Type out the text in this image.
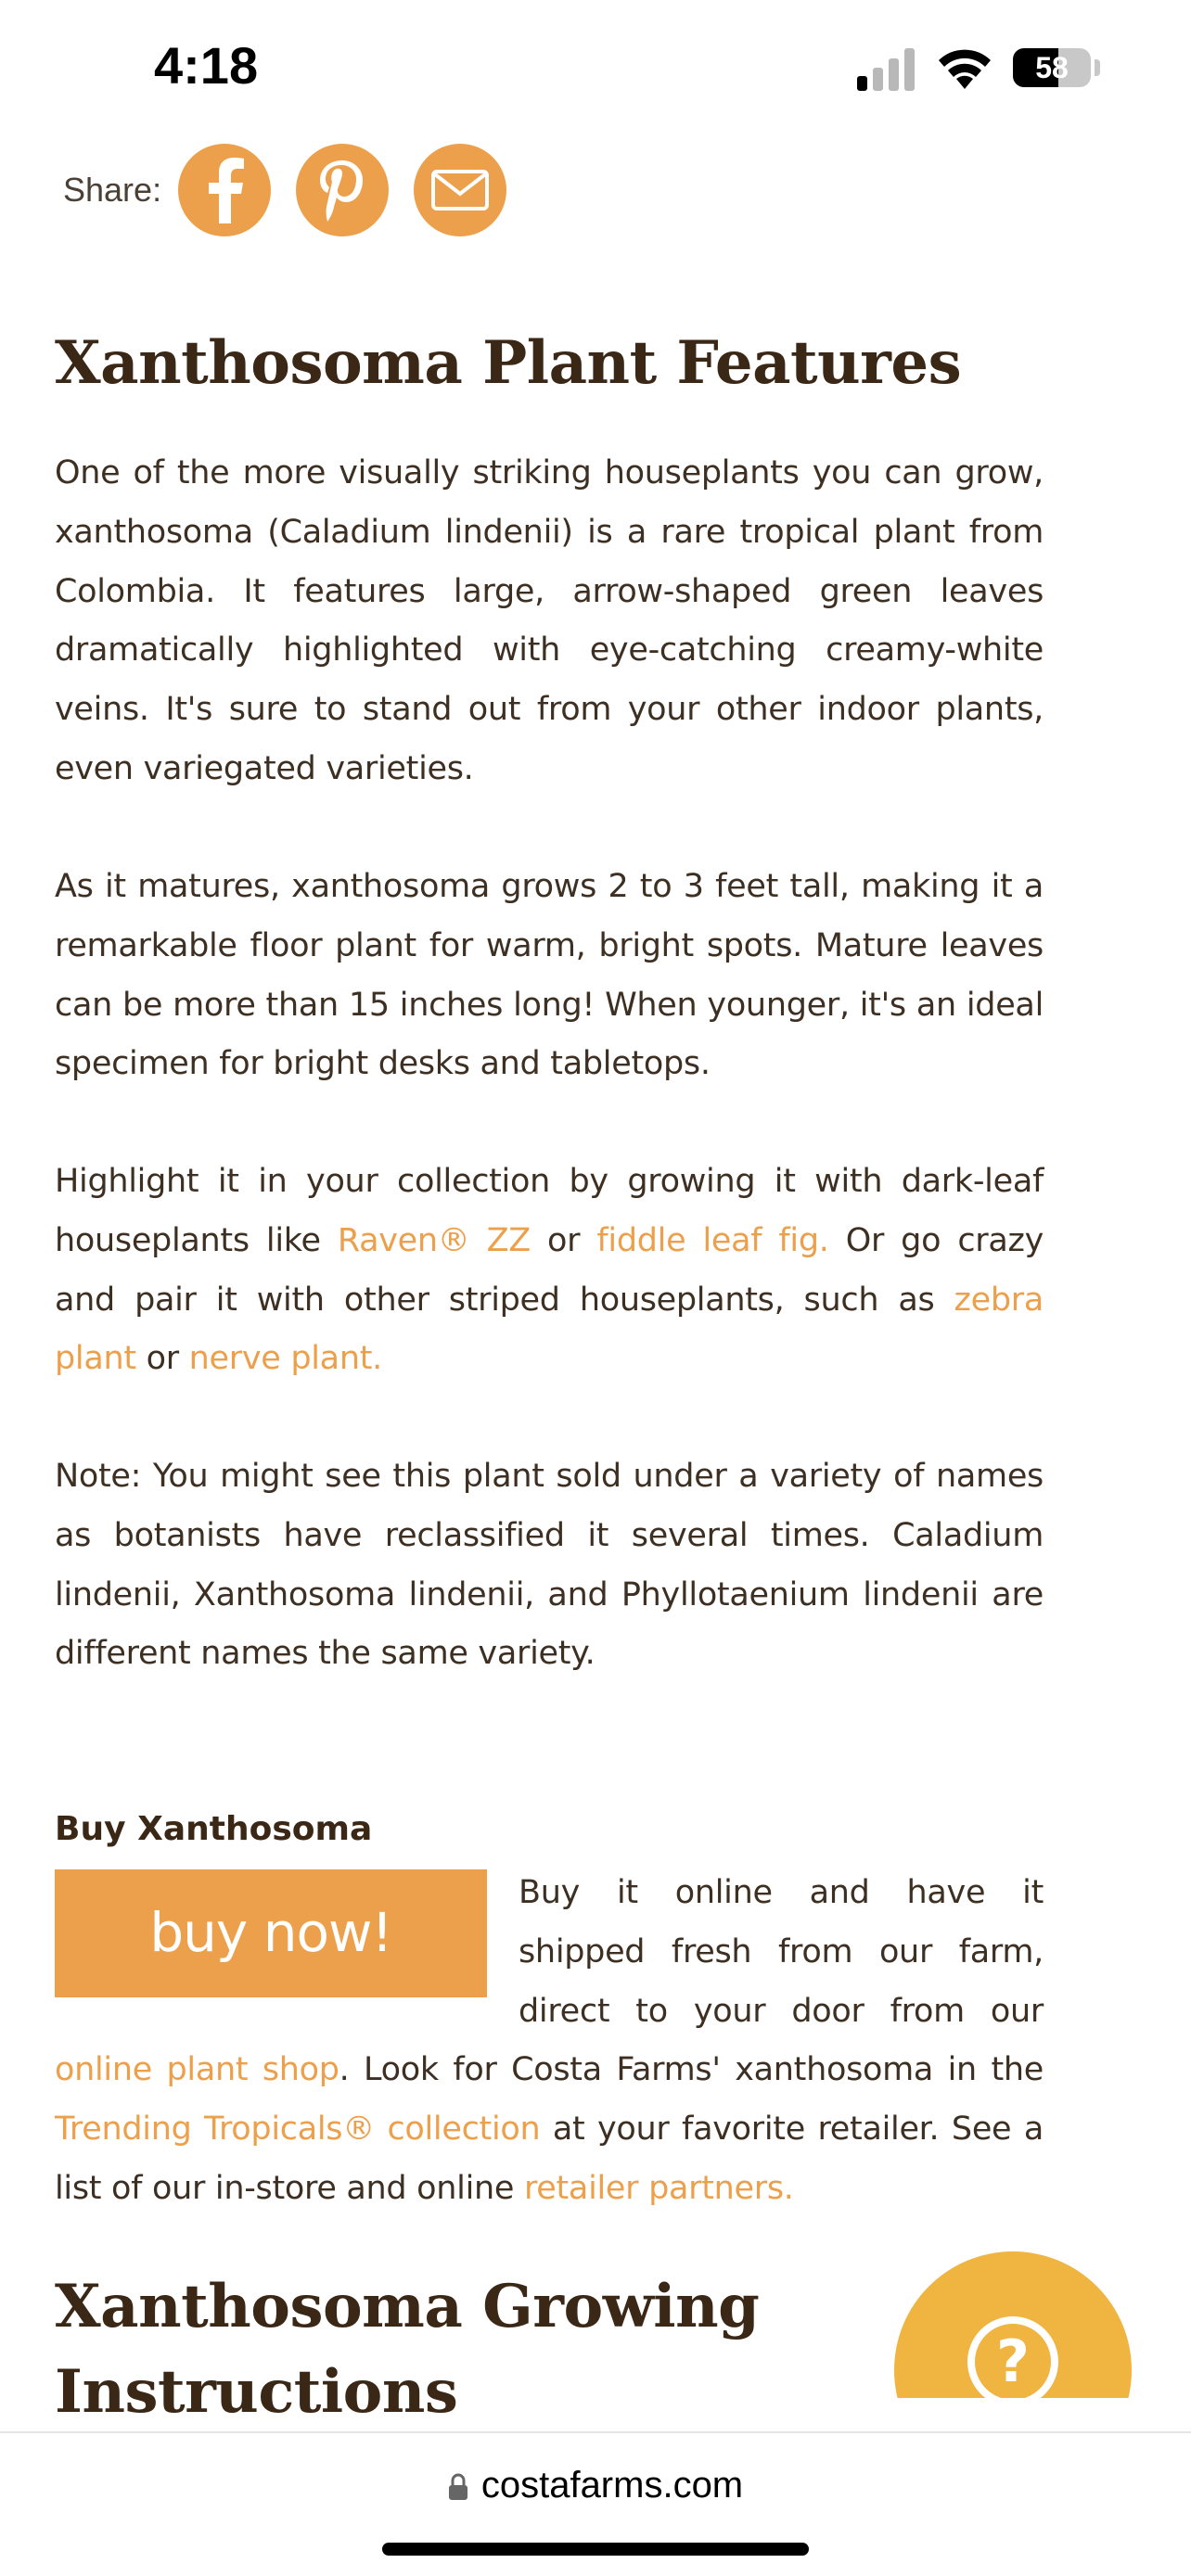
4:18	58
Share:
Xanthosoma Plant Features

One of the more visually striking houseplants you can grow, xanthosoma (Caladium lindenii) is a rare tropical plant from Colombia. It features large, arrow-shaped green leaves dramatically highlighted with eye-catching creamy-white veins. It's sure to stand out from your other indoor plants, even variegated varieties.

As it matures, xanthosoma grows 2 to 3 feet tall, making it a remarkable floor plant for warm, bright spots. Mature leaves can be more than 15 inches long! When younger, it's an ideal specimen for bright desks and tabletops.

Highlight it in your collection by growing it with dark-leaf houseplants like Raven® ZZ or fiddle leaf fig. Or go crazy and pair it with other striped houseplants, such as zebra plant or nerve plant.

Note: You might see this plant sold under a variety of names as botanists have reclassified it several times. Caladium lindenii, Xanthosoma lindenii, and Phyllotaenium lindenii are different names the same variety.

Buy Xanthosoma
buy now!
Buy it online and have it shipped fresh from our farm, direct to your door from our online plant shop. Look for Costa Farms' xanthosoma in the Trending Tropicals® collection at your favorite retailer. See a list of our in-store and online retailer partners.
Xanthosoma Growing
Instructions	?
costafarms.com
